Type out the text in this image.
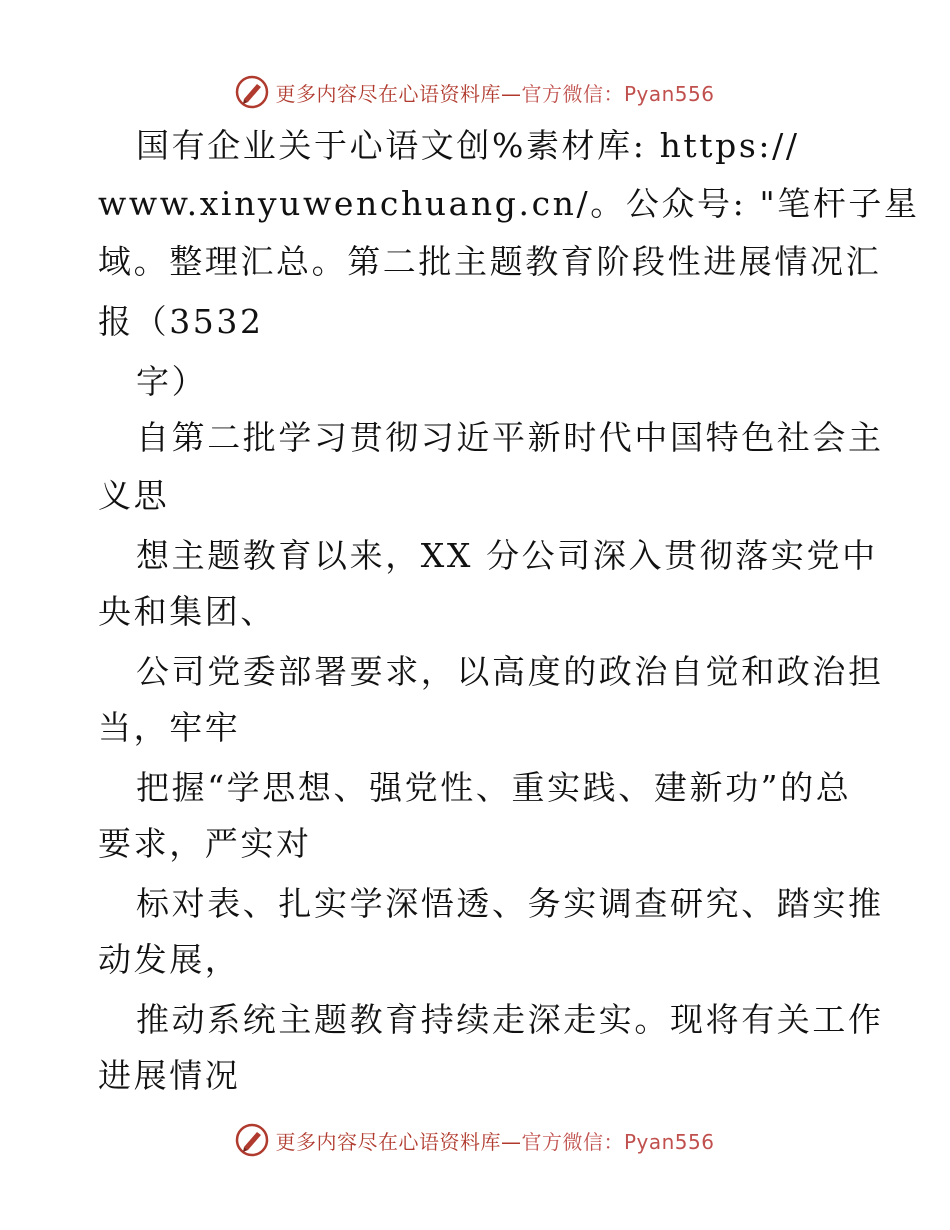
更多内容尽在心语资料库— 官方微信：Pyan556
国有企业关于心语文创%素材库: https://
www.xinyuwenchuang.cn/。公众号: "笔杆子星
域。整理汇总。第二批主题教育阶段性进展情况汇
报（3532
字）
自第二批学习贯彻习近平新时代中国特色社会主
义思
想主题教育以来，XX 分公司深入贯彻落实党中
央和集团、
公司党委部署要求，以高度的政治自觉和政治担
当，牢牢
把握“学思想、强党性、重实践、建新功”的总
要求，严实对
标对表、扎实学深悟透、务实调查研究、踏实推
动发展，
推动系统主题教育持续走深走实。现将有关工作
进展情况
更多内容尽在心语资料库— 官方微信：Pyan556
